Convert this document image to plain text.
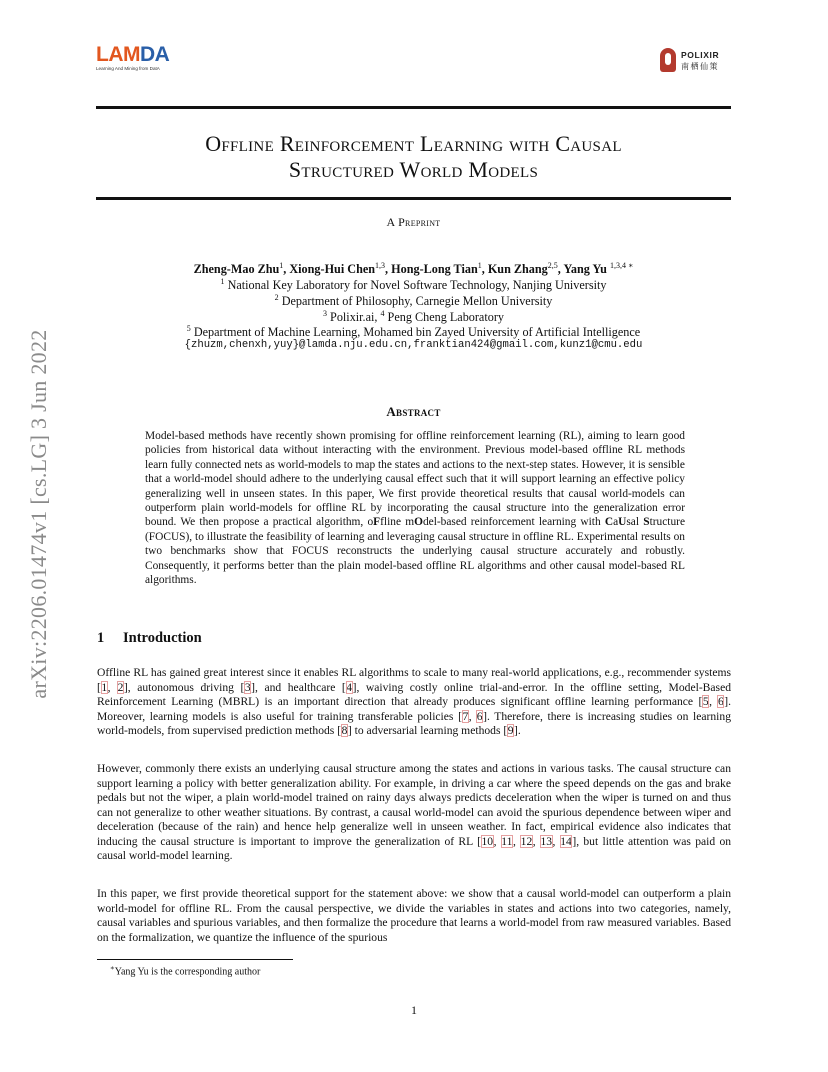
LAMDA
Learning And Mining from DatA
POLIXIR
南栖仙策
Offline Reinforcement Learning with Causal
Structured World Models
A Preprint
Zheng-Mao Zhu$^1$, Xiong-Hui Chen$^{1,3}$, Hong-Long Tian$^1$, Kun Zhang$^{2,5}$, Yang Yu $^{1,3,4 ∗}$
$^1$ National Key Laboratory for Novel Software Technology, Nanjing University
$^2$ Department of Philosophy, Carnegie Mellon University
$^3$ Polixir.ai, $^4$ Peng Cheng Laboratory
$^5$ Department of Machine Learning, Mohamed bin Zayed University of Artificial Intelligence
{zhuzm,chenxh,yuy}@lamda.nju.edu.cn,franktian424@gmail.com,kunz1@cmu.edu
Abstract
Model-based methods have recently shown promising for offline reinforcement learning (RL), aiming to learn good policies from historical data without interacting with the environment. Previous model-based offline RL methods learn fully connected nets as world-models to map the states and actions to the next-step states. However, it is sensible that a world-model should adhere to the underlying causal effect such that it will support learning an effective policy generalizing well in unseen states. In this paper, We first provide theoretical results that causal world-models can outperform plain world-models for offline RL by incorporating the causal structure into the generalization error bound. We then propose a practical algorithm, oFfline mOdel-based reinforcement learning with CaUsal Structure (FOCUS), to illustrate the feasibility of learning and leveraging causal structure in offline RL. Experimental results on two benchmarks show that FOCUS reconstructs the underlying causal structure accurately and robustly. Consequently, it performs better than the plain model-based offline RL algorithms and other causal model-based RL algorithms.
1 Introduction
Offline RL has gained great interest since it enables RL algorithms to scale to many real-world applications, e.g., recommender systems [1, 2], autonomous driving [3], and healthcare [4], waiving costly online trial-and-error. In the offline setting, Model-Based Reinforcement Learning (MBRL) is an important direction that already produces significant offline learning performance [5, 6]. Moreover, learning models is also useful for training transferable policies [7, 6]. Therefore, there is increasing studies on learning world-models, from supervised prediction methods [8] to adversarial learning methods [9].
However, commonly there exists an underlying causal structure among the states and actions in various tasks. The causal structure can support learning a policy with better generalization ability. For example, in driving a car where the speed depends on the gas and brake pedals but not the wiper, a plain world-model trained on rainy days always predicts deceleration when the wiper is turned on and thus can not generalize to other weather situations. By contrast, a causal world-model can avoid the spurious dependence between wiper and deceleration (because of the rain) and hence help generalize well in unseen weather. In fact, empirical evidence also indicates that inducing the causal structure is important to improve the generalization of RL [10, 11, 12, 13, 14], but little attention was paid on causal world-model learning.
In this paper, we first provide theoretical support for the statement above: we show that a causal world-model can outperform a plain world-model for offline RL. From the causal perspective, we divide the variables in states and actions into two categories, namely, causal variables and spurious variables, and then formalize the procedure that learns a world-model from raw measured variables. Based on the formalization, we quantize the influence of the spurious
∗Yang Yu is the corresponding author
1
arXiv:2206.01474v1 [cs.LG] 3 Jun 2022
